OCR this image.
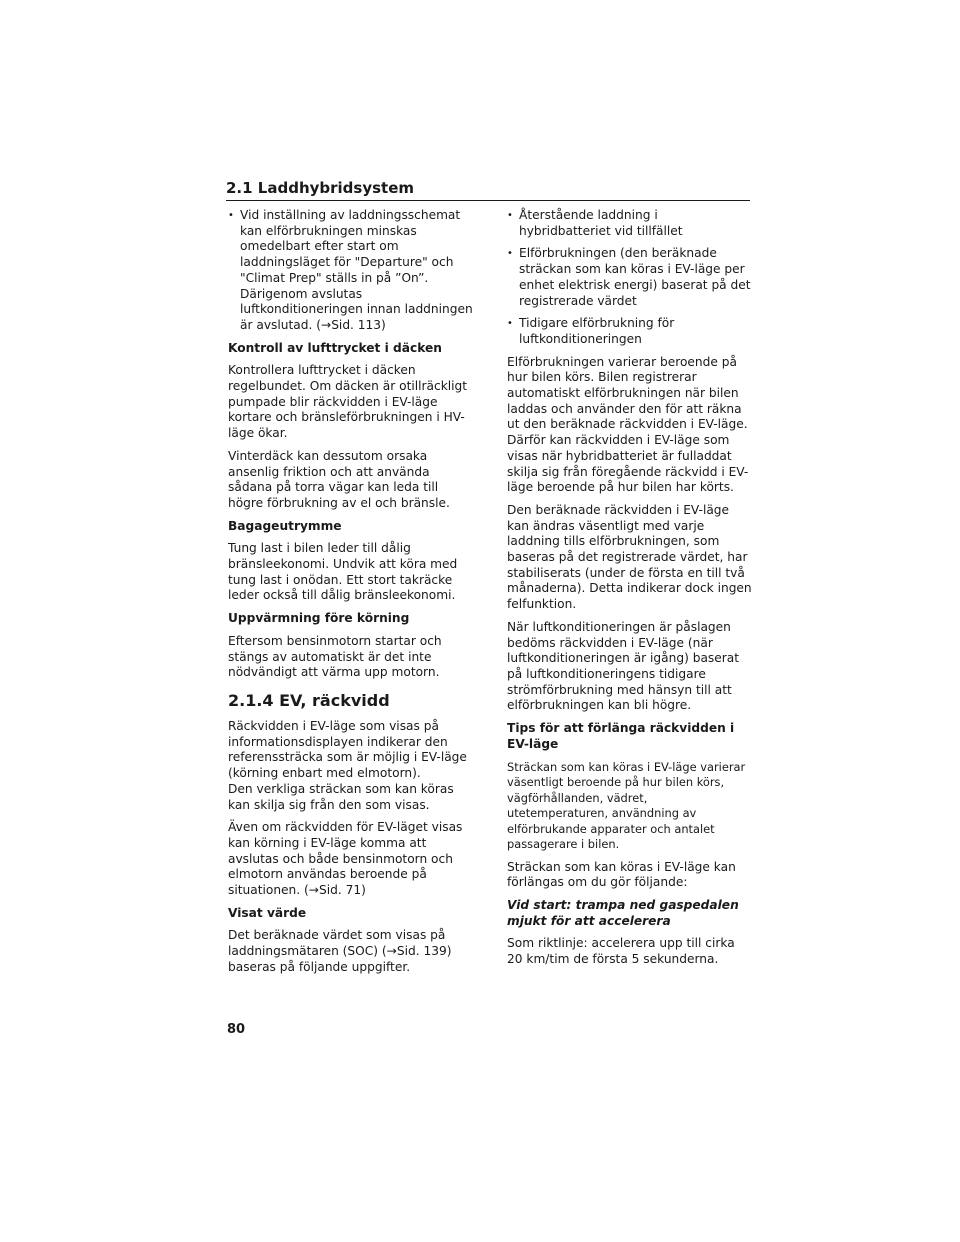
2.1 Laddhybridsystem
• Vid inställning av laddningsschemat kan elförbrukningen minskas omedelbart efter start om laddningsläget för "Departure" och "Climat Prep" ställs in på ”On”. Därigenom avslutas luftkonditioneringen innan laddningen är avslutad. (→Sid. 113)
Kontroll av lufttrycket i däcken

Kontrollera lufttrycket i däcken regelbundet. Om däcken är otillräckligt pumpade blir räckvidden i EV-läge kortare och bränsleförbrukningen i HV-läge ökar.

Vinterdäck kan dessutom orsaka ansenlig friktion och att använda sådana på torra vägar kan leda till högre förbrukning av el och bränsle.

Bagageutrymme

Tung last i bilen leder till dålig bränsleekonomi. Undvik att köra med tung last i onödan. Ett stort takräcke leder också till dålig bränsleekonomi.

Uppvärmning före körning

Eftersom bensinmotorn startar och stängs av automatiskt är det inte nödvändigt att värma upp motorn.

2.1.4 EV, räckvidd

Räckvidden i EV-läge som visas på informationsdisplayen indikerar den referenssträcka som är möjlig i EV-läge (körning enbart med elmotorn).

Den verkliga sträckan som kan köras kan skilja sig från den som visas.

Även om räckvidden för EV-läget visas kan körning i EV-läge komma att avslutas och både bensinmotorn och elmotorn användas beroende på situationen. (→Sid. 71)

Visat värde

Det beräknade värdet som visas på laddningsmätaren (SOC) (→Sid. 139) baseras på följande uppgifter.

• Återstående laddning i hybridbatteriet vid tillfället
• Elförbrukningen (den beräknade sträckan som kan köras i EV-läge per enhet elektrisk energi) baserat på det registrerade värdet
• Tidigare elförbrukning för luftkonditioneringen

Elförbrukningen varierar beroende på hur bilen körs. Bilen registrerar automatiskt elförbrukningen när bilen laddas och använder den för att räkna ut den beräknade räckvidden i EV-läge. Därför kan räckvidden i EV-läge som visas när hybridbatteriet är fulladdat skilja sig från föregående räckvidd i EV-läge beroende på hur bilen har körts.

Den beräknade räckvidden i EV-läge kan ändras väsentligt med varje laddning tills elförbrukningen, som baseras på det registrerade värdet, har stabiliserats (under de första en till två månaderna). Detta indikerar dock ingen felfunktion.

När luftkonditioneringen är påslagen bedöms räckvidden i EV-läge (när luftkonditioneringen är igång) baserat på luftkonditioneringens tidigare strömförbrukning med hänsyn till att elförbrukningen kan bli högre.

Tips för att förlänga räckvidden i EV-läge

Sträckan som kan köras i EV-läge varierar väsentligt beroende på hur bilen körs, vägförhållanden, vädret, utetemperaturen, användning av elförbrukande apparater och antalet passagerare i bilen.

Sträckan som kan köras i EV-läge kan förlängas om du gör följande:

Vid start: trampa ned gaspedalen mjukt för att accelerera

Som riktlinje: accelerera upp till cirka 20 km/tim de första 5 sekunderna.

80
